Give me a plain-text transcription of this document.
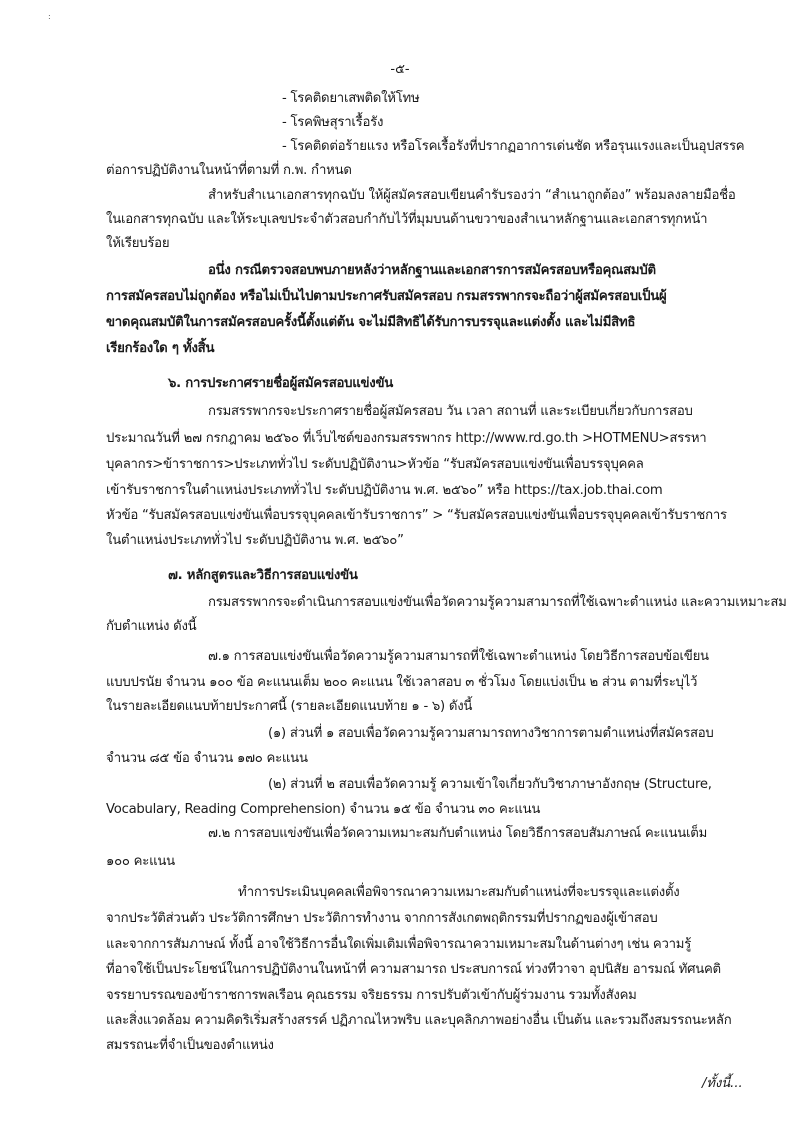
:
-๕-
- โรคติดยาเสพติดให้โทษ
- โรคพิษสุราเรื้อรัง
- โรคติดต่อร้ายแรง หรือโรคเรื้อรังที่ปรากฏอาการเด่นชัด หรือรุนแรงและเป็นอุปสรรค
ต่อการปฏิบัติงานในหน้าที่ตามที่ ก.พ. กำหนด
สำหรับสำเนาเอกสารทุกฉบับ ให้ผู้สมัครสอบเขียนคำรับรองว่า “สำเนาถูกต้อง” พร้อมลงลายมือชื่อ
ในเอกสารทุกฉบับ และให้ระบุเลขประจำตัวสอบกำกับไว้ที่มุมบนด้านขวาของสำเนาหลักฐานและเอกสารทุกหน้า
ให้เรียบร้อย
อนึ่ง กรณีตรวจสอบพบภายหลังว่าหลักฐานและเอกสารการสมัครสอบหรือคุณสมบัติ
การสมัครสอบไม่ถูกต้อง หรือไม่เป็นไปตามประกาศรับสมัครสอบ กรมสรรพากรจะถือว่าผู้สมัครสอบเป็นผู้
ขาดคุณสมบัติในการสมัครสอบครั้งนี้ตั้งแต่ต้น จะไม่มีสิทธิได้รับการบรรจุและแต่งตั้ง และไม่มีสิทธิ
เรียกร้องใด ๆ ทั้งสิ้น
๖. การประกาศรายชื่อผู้สมัครสอบแข่งขัน
กรมสรรพากรจะประกาศรายชื่อผู้สมัครสอบ วัน เวลา สถานที่ และระเบียบเกี่ยวกับการสอบ
ประมาณวันที่ ๒๗ กรกฎาคม ๒๕๖๐ ที่เว็บไซต์ของกรมสรรพากร http://www.rd.go.th >HOTMENU>สรรหา
บุคลากร>ข้าราชการ>ประเภททั่วไป ระดับปฏิบัติงาน>หัวข้อ “รับสมัครสอบแข่งขันเพื่อบรรจุบุคคล
เข้ารับราชการในตำแหน่งประเภททั่วไป ระดับปฏิบัติงาน พ.ศ. ๒๕๖๐” หรือ https://tax.job.thai.com
หัวข้อ “รับสมัครสอบแข่งขันเพื่อบรรจุบุคคลเข้ารับราชการ” > “รับสมัครสอบแข่งขันเพื่อบรรจุบุคคลเข้ารับราชการ
ในตำแหน่งประเภททั่วไป ระดับปฏิบัติงาน พ.ศ. ๒๕๖๐”
๗. หลักสูตรและวิธีการสอบแข่งขัน
กรมสรรพากรจะดำเนินการสอบแข่งขันเพื่อวัดความรู้ความสามารถที่ใช้เฉพาะตำแหน่ง และความเหมาะสม
กับตำแหน่ง ดังนี้
๗.๑ การสอบแข่งขันเพื่อวัดความรู้ความสามารถที่ใช้เฉพาะตำแหน่ง โดยวิธีการสอบข้อเขียน
แบบปรนัย จำนวน ๑๐๐ ข้อ คะแนนเต็ม ๒๐๐ คะแนน ใช้เวลาสอบ ๓ ชั่วโมง โดยแบ่งเป็น ๒ ส่วน ตามที่ระบุไว้
ในรายละเอียดแนบท้ายประกาศนี้ (รายละเอียดแนบท้าย ๑ - ๖) ดังนี้
(๑) ส่วนที่ ๑ สอบเพื่อวัดความรู้ความสามารถทางวิชาการตามตำแหน่งที่สมัครสอบ
จำนวน ๘๕ ข้อ จำนวน ๑๗๐ คะแนน
(๒) ส่วนที่ ๒ สอบเพื่อวัดความรู้ ความเข้าใจเกี่ยวกับวิชาภาษาอังกฤษ (Structure,
Vocabulary, Reading Comprehension) จำนวน ๑๕ ข้อ จำนวน ๓๐ คะแนน
๗.๒ การสอบแข่งขันเพื่อวัดความเหมาะสมกับตำแหน่ง โดยวิธีการสอบสัมภาษณ์ คะแนนเต็ม
๑๐๐ คะแนน
ทำการประเมินบุคคลเพื่อพิจารณาความเหมาะสมกับตำแหน่งที่จะบรรจุและแต่งตั้ง
จากประวัติส่วนตัว ประวัติการศึกษา ประวัติการทำงาน จากการสังเกตพฤติกรรมที่ปรากฏของผู้เข้าสอบ
และจากการสัมภาษณ์ ทั้งนี้ อาจใช้วิธีการอื่นใดเพิ่มเติมเพื่อพิจารณาความเหมาะสมในด้านต่างๆ เช่น ความรู้
ที่อาจใช้เป็นประโยชน์ในการปฏิบัติงานในหน้าที่ ความสามารถ ประสบการณ์ ท่วงทีวาจา อุปนิสัย อารมณ์ ทัศนคติ
จรรยาบรรณของข้าราชการพลเรือน คุณธรรม จริยธรรม การปรับตัวเข้ากับผู้ร่วมงาน รวมทั้งสังคม
และสิ่งแวดล้อม ความคิดริเริ่มสร้างสรรค์ ปฏิภาณไหวพริบ และบุคลิกภาพอย่างอื่น เป็นต้น และรวมถึงสมรรถนะหลัก
สมรรถนะที่จำเป็นของตำแหน่ง
/ทั้งนี้...
